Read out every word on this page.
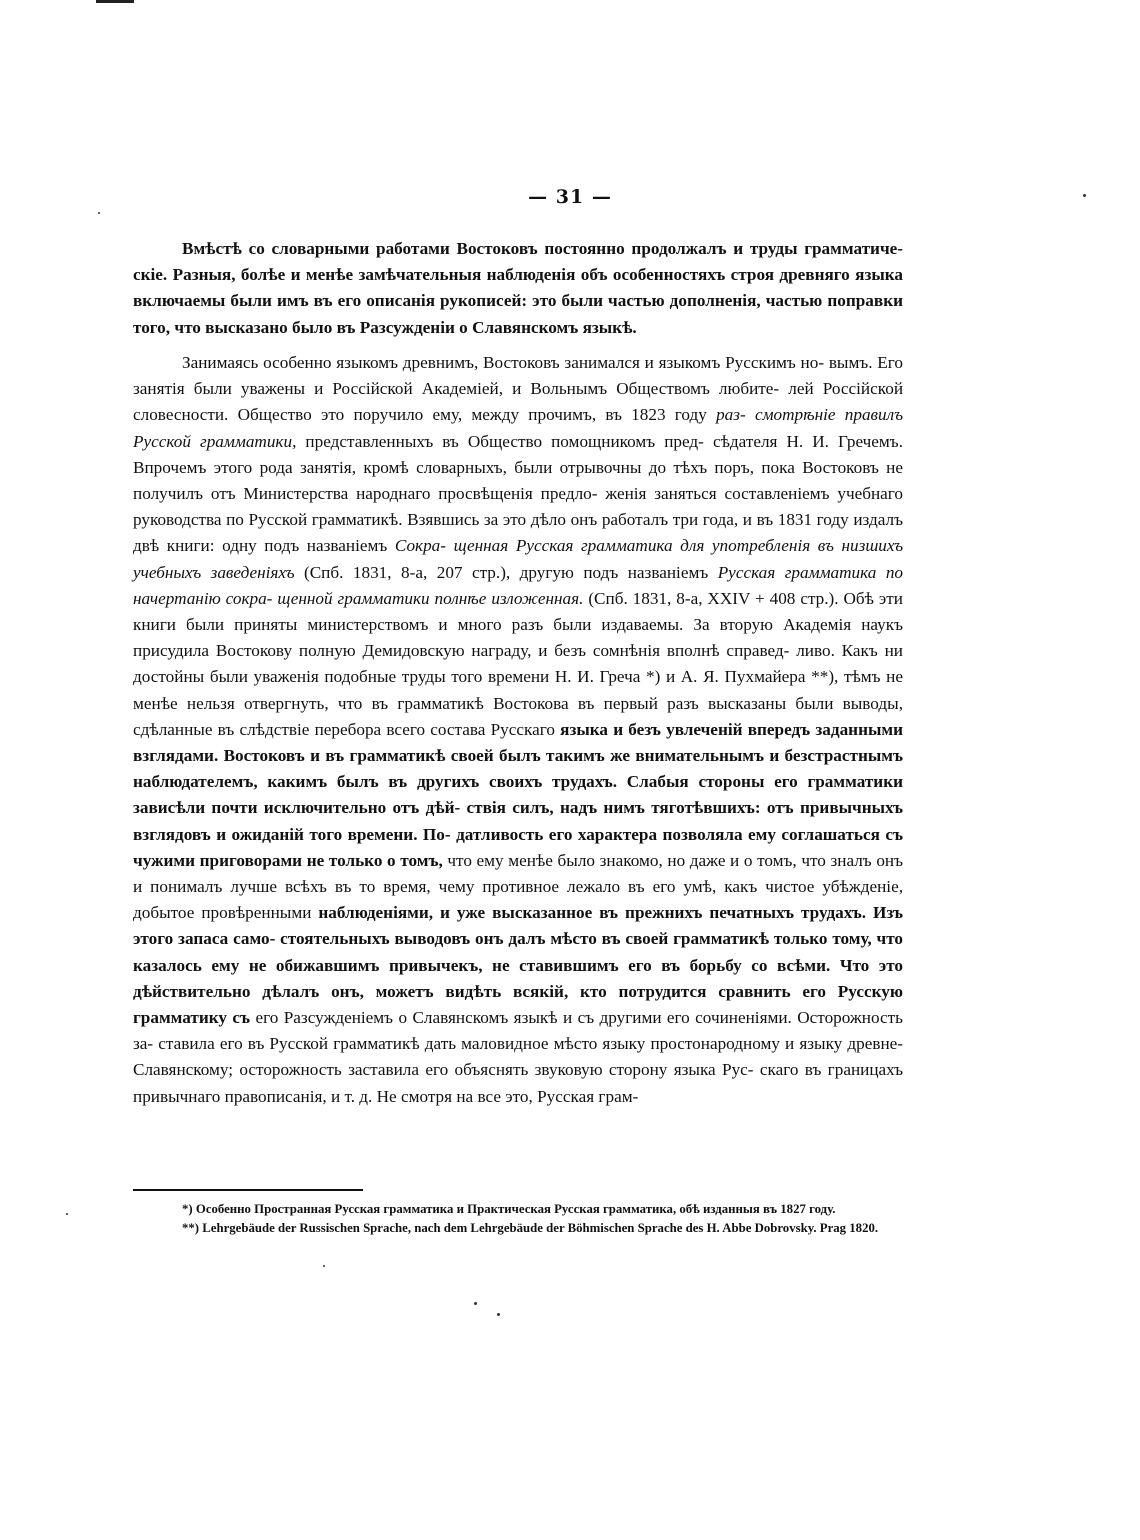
— 31 —

Вмѣстѣ со словарными работами Востоковъ постоянно продолжалъ и труды грамматиче- скіе. Разныя, болѣе и менѣе замѣчательныя наблюденія объ особенностяхъ строя древняго языка включаемы были имъ въ его описанія рукописей: это были частью дополненія, частью поправки того, что высказано было въ Разсужденіи о Славянскомъ языкѣ.

Занимаясь особенно языкомъ древнимъ, Востоковъ занимался и языкомъ Русскимъ но- вымъ. Его занятія были уважены и Россійской Академіей, и Вольнымъ Обществомъ любите- лей Россійской словесности. Общество это поручило ему, между прочимъ, въ 1823 году раз- смотрѣніе правилъ Русской грамматики, представленныхъ въ Общество помощникомъ пред- сѣдателя Н. И. Гречемъ. Впрочемъ этого рода занятія, кромѣ словарныхъ, были отрывочны до тѣхъ поръ, пока Востоковъ не получилъ отъ Министерства народнаго просвѣщенія предло- женія заняться составленіемъ учебнаго руководства по Русской грамматикѣ. Взявшись за это дѣло онъ работалъ три года, и въ 1831 году издалъ двѣ книги: одну подъ названіемъ Сокра- щенная Русская грамматика для употребленія въ низшихъ учебныхъ заведеніяхъ (Спб. 1831, 8-а, 207 стр.), другую подъ названіемъ Русская грамматика по начертанію сокра- щенной грамматики полнѣе изложенная. (Спб. 1831, 8-а, XXIV + 408 стр.). Обѣ эти книги были приняты министерствомъ и много разъ были издаваемы. За вторую Академія наукъ присудила Востокову полную Демидовскую награду, и безъ сомнѣнія вполнѣ справед- ливо. Какъ ни достойны были уваженія подобные труды того времени Н. И. Греча *) и А. Я. Пухмайера **), тѣмъ не менѣе нельзя отвергнуть, что въ грамматикѣ Востокова въ первый разъ высказаны были выводы, сдѣланные въ слѣдствіе перебора всего состава Русскаго языка и безъ увлеченій впередъ заданными взглядами. Востоковъ и въ грамматикѣ своей былъ такимъ же внимательнымъ и безстрастнымъ наблюдателемъ, какимъ былъ въ другихъ своихъ трудахъ. Слабыя стороны его грамматики зависѣли почти исключительно отъ дѣй- ствія силъ, надъ нимъ тяготѣвшихъ: отъ привычныхъ взглядовъ и ожиданій того времени. По- датливость его характера позволяла ему соглашаться съ чужими приговорами не только о томъ, что ему менѣе было знакомо, но даже и о томъ, что зналъ онъ и понималъ лучше всѣхъ въ то время, чему противное лежало въ его умѣ, какъ чистое убѣжденіе, добытое провѣренными наблюденіями, и уже высказанное въ прежнихъ печатныхъ трудахъ. Изъ этого запаса само- стоятельныхъ выводовъ онъ далъ мѣсто въ своей грамматикѣ только тому, что казалось ему не обижавшимъ привычекъ, не ставившимъ его въ борьбу со всѣми. Что это дѣйствительно дѣлалъ онъ, можетъ видѣть всякій, кто потрудится сравнить его Русскую грамматику съ его Разсужденіемъ о Славянскомъ языкѣ и съ другими его сочиненіями. Осторожность за- ставила его въ Русской грамматикѣ дать маловидное мѣсто языку простонародному и языку древне-Славянскому; осторожность заставила его объяснять звуковую сторону языка Рус- скаго въ границахъ привычнаго правописанія, и т. д. Не смотря на все это, Русская грам-

*) Особенно Пространная Русская грамматика и Практическая Русская грамматика, обѣ изданныя въ 1827 году.

**) Lehrgebäude der Russischen Sprache, nach dem Lehrgebäude der Böhmischen Sprache des H. Abbe Dobrovsky. Prag 1820.
